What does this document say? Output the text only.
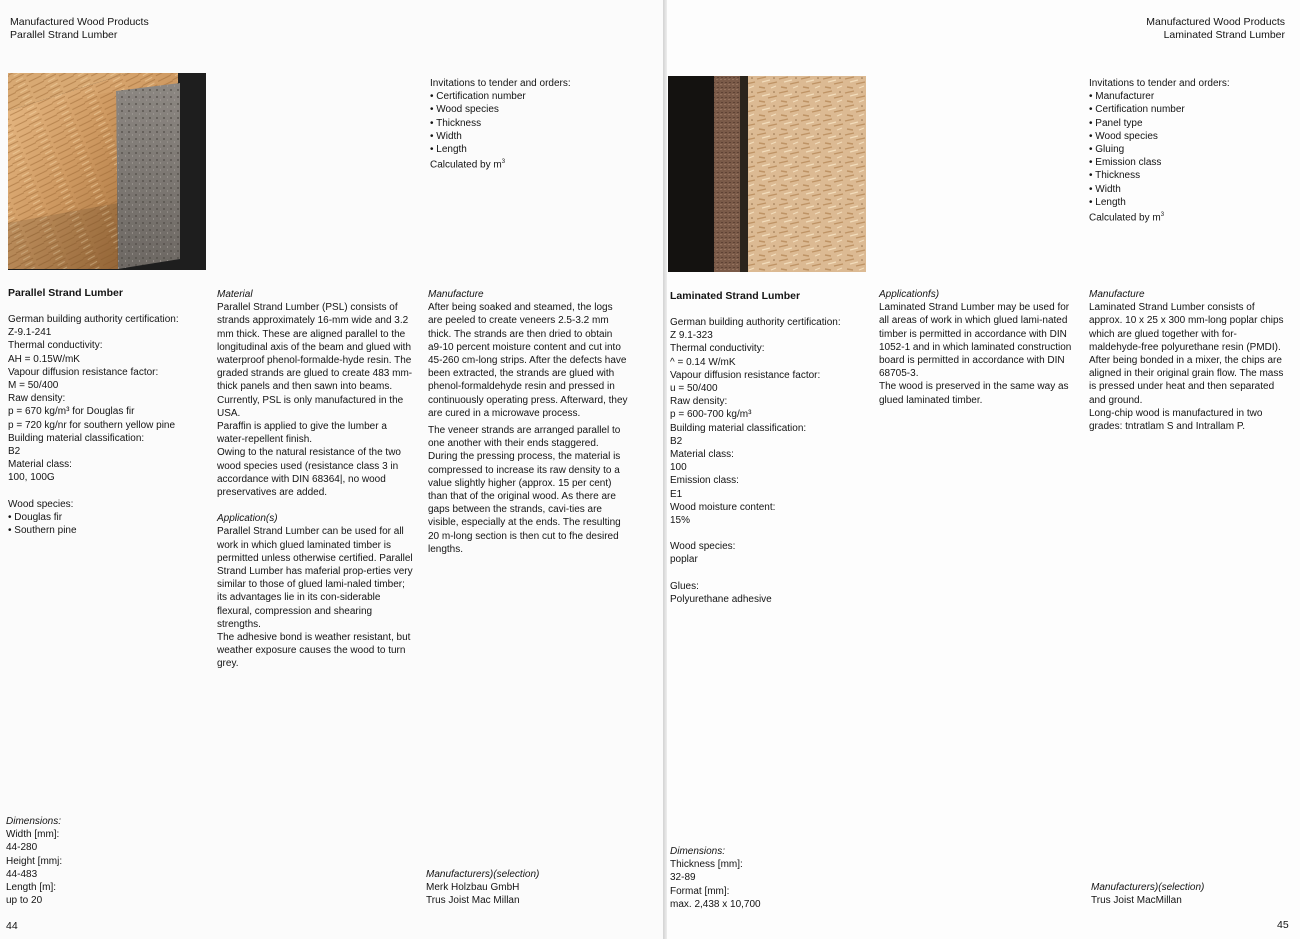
Manufactured Wood Products
Parallel Strand Lumber
Invitations to tender and orders:
• Certification number
• Wood species
• Thickness
• Width
• Length
Calculated by $m^3$
Parallel Strand Lumber
German building authority certification:
Z-9.1-241
Thermal conductivity:
AH = 0.15W/mK
Vapour diffusion resistance factor:
M = 50/400
Raw density:
p = 670 kg/m³ for Douglas fir
p = 720 kg/nr for southern yellow pine
Building material classification:
B2
Material class:
100, 100G
Wood species:
• Douglas fir
• Southern pine
Material
Parallel Strand Lumber (PSL) consists of strands approximately 16-mm wide and 3.2 mm thick. These are aligned parallel to the longitudinal axis of the beam and glued with waterproof phenol-formalde-hyde resin. The graded strands are glued to create 483 mm-thick panels and then sawn into beams.
Currently, PSL is only manufactured in the USA.
Paraffin is applied to give the lumber a water-repellent finish.
Owing to the natural resistance of the two wood species used (resistance class 3 in accordance with DIN 68364|, no wood preservatives are added.
Application(s)
Parallel Strand Lumber can be used for all work in which glued laminated timber is permitted unless otherwise certified. Parallel Strand Lumber has maferial prop-erties very similar to those of glued lami-naled timber; its advantages lie in its con-siderable flexural, compression and shearing strengths.
The adhesive bond is weather resistant, but weather exposure causes the wood to turn grey.
Manufacture
After being soaked and steamed, the logs are peeled to create veneers 2.5-3.2 mm thick. The strands are then dried to obtain a9-10 percent moisture content and cut into 45-260 cm-long strips. After the defects have been extracted, the strands are glued with phenol-formaldehyde resin and pressed in continuously operating press. Afterward, they are cured in a microwave process.
The veneer strands are arranged parallel to one another with their ends staggered. During the pressing process, the material is compressed to increase its raw density to a value slightly higher (approx. 15 per cent) than that of the original wood. As there are gaps between the strands, cavi-ties are visible, especially at the ends. The resulting 20 m-long section is then cut to fhe desired lengths.
Dimensions:
Width [mm]:
44-280
Height [mmj:
44-483
Length [m]:
up to 20
Manufacturers)(selection)
Merk Holzbau GmbH
Trus Joist Mac Millan
44
Manufactured Wood Products
Laminated Strand Lumber
Invitations to tender and orders:
• Manufacturer
• Certification number
• Panel type
• Wood species
• Gluing
• Emission class
• Thickness
• Width
• Length
Calculated by $m^3$
Laminated Strand Lumber
German building authority certification:
Z 9.1-323
Thermal conductivity:
^ = 0.14 W/mK
Vapour diffusion resistance factor:
u = 50/400
Raw density:
p = 600-700 kg/m³
Building material classification:
B2
Material class:
100
Emission class:
E1
Wood moisture content:
15%
Wood species:
poplar
Glues:
Polyurethane adhesive
Applicationfs)
Laminated Strand Lumber may be used for all areas of work in which glued lami-nated timber is permitted in accordance with DIN 1052-1 and in which laminated construction board is permitted in accordance with DIN 68705-3.
The wood is preserved in the same way as glued laminated timber.
Manufacture
Laminated Strand Lumber consists of approx. 10 x 25 x 300 mm-long poplar chips which are glued together with for-maldehyde-free polyurethane resin (PMDI).
After being bonded in a mixer, the chips are aligned in their original grain flow. The mass is pressed under heat and then separated and ground.
Long-chip wood is manufactured in two grades: tntratlam S and Intrallam P.
Dimensions:
Thickness [mm]:
32-89
Format [mm]:
max. 2,438 x 10,700
Manufacturers)(selection)
Trus Joist MacMillan
45
